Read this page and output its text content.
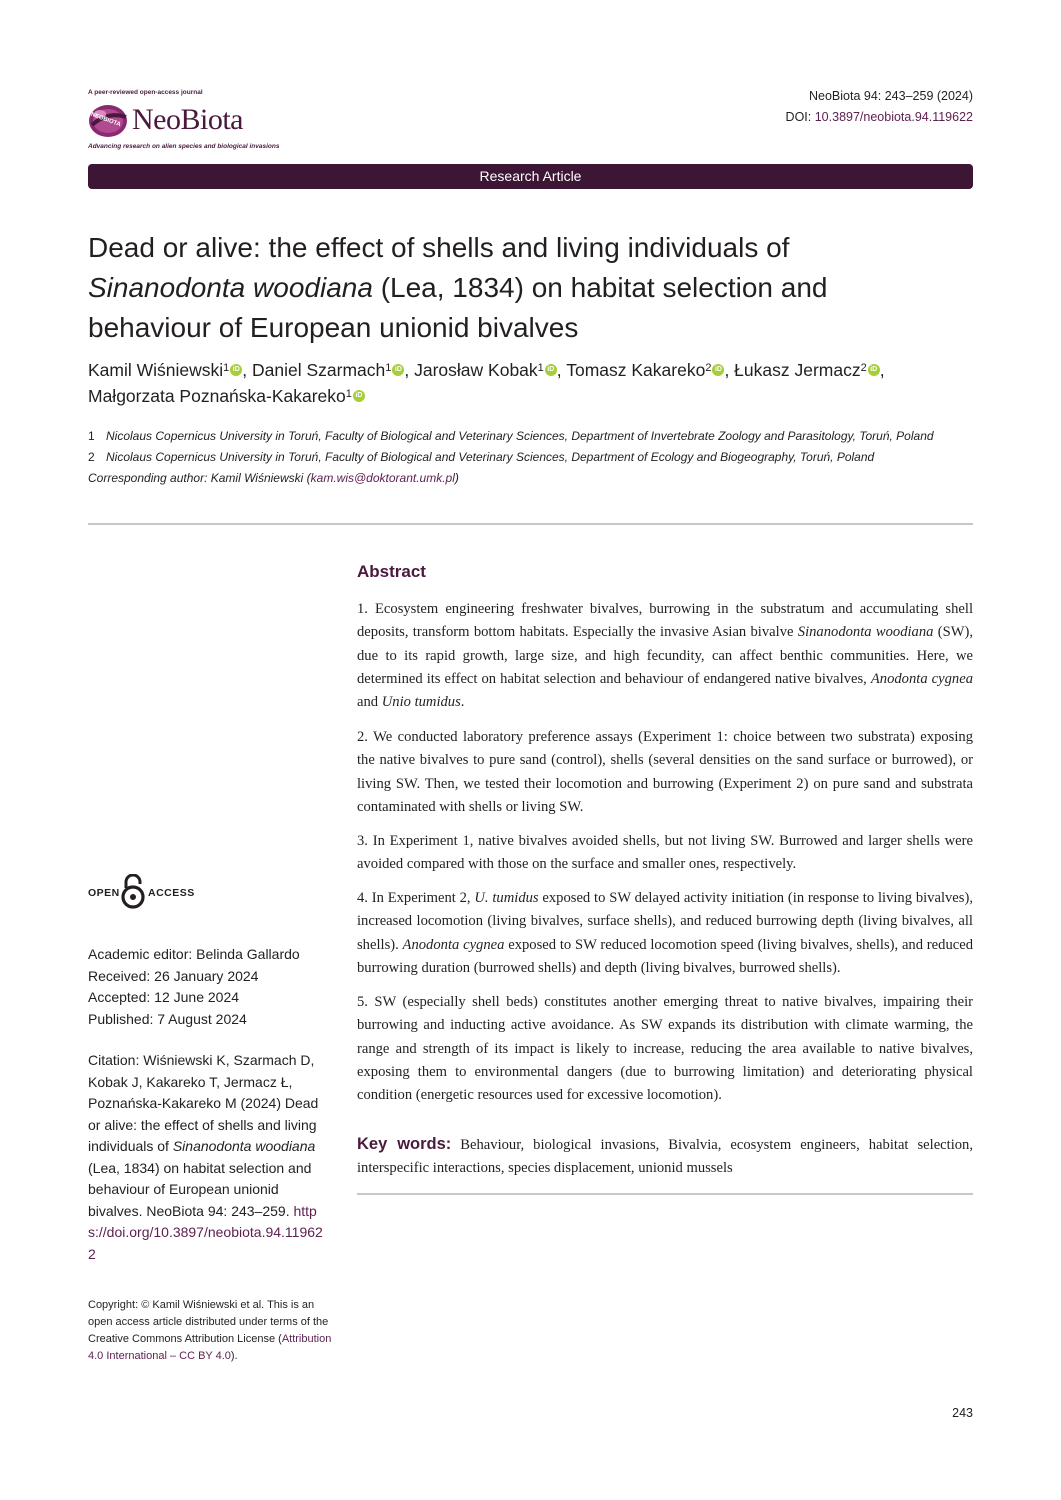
A peer-reviewed open-access journal
NEOBIOTA NeoBiota
Advancing research on alien species and biological invasions
NeoBiota 94: 243–259 (2024)
DOI: 10.3897/neobiota.94.119622
Research Article
Dead or alive: the effect of shells and living individuals of
Sinanodonta woodiana (Lea, 1834) on habitat selection and
behaviour of European unionid bivalves
Kamil Wiśniewski$^1$ iD , Daniel Szarmach$^1$ iD , Jarosław Kobak$^1$ iD , Tomasz Kakareko$^2$ iD , Łukasz Jermacz$^2$ iD ,
Małgorzata Poznańska-Kakareko$^1$ iD
1 Nicolaus Copernicus University in Toruń, Faculty of Biological and Veterinary Sciences, Department of Invertebrate Zoology and Parasitology, Toruń, Poland
2 Nicolaus Copernicus University in Toruń, Faculty of Biological and Veterinary Sciences, Department of Ecology and Biogeography, Toruń, Poland
Corresponding author: Kamil Wiśniewski (kam.wis@doktorant.umk.pl)
Abstract
1. Ecosystem engineering freshwater bivalves, burrowing in the substratum and accumulating shell deposits, transform bottom habitats. Especially the invasive Asian bivalve Sinanodonta woodiana (SW), due to its rapid growth, large size, and high fecundity, can affect benthic communities. Here, we determined its effect on habitat selection and behaviour of endangered native bivalves, Anodonta cygnea and Unio tumidus.
2. We conducted laboratory preference assays (Experiment 1: choice between two substrata) exposing the native bivalves to pure sand (control), shells (several densities on the sand surface or burrowed), or living SW. Then, we tested their locomotion and burrowing (Experiment 2) on pure sand and substrata contaminated with shells or living SW.
3. In Experiment 1, native bivalves avoided shells, but not living SW. Burrowed and larger shells were avoided compared with those on the surface and smaller ones, respectively.
4. In Experiment 2, U. tumidus exposed to SW delayed activity initiation (in response to living bivalves), increased locomotion (living bivalves, surface shells), and reduced burrowing depth (living bivalves, all shells). Anodonta cygnea exposed to SW reduced locomotion speed (living bivalves, shells), and reduced burrowing duration (burrowed shells) and depth (living bivalves, burrowed shells).
5. SW (especially shell beds) constitutes another emerging threat to native bivalves, impairing their burrowing and inducting active avoidance. As SW expands its distribution with climate warming, the range and strength of its impact is likely to increase, reducing the area available to native bivalves, exposing them to environmental dangers (due to burrowing limitation) and deteriorating physical condition (energetic resources used for excessive locomotion).
Key words: Behaviour, biological invasions, Bivalvia, ecosystem engineers, habitat selection, interspecific interactions, species displacement, unionid mussels
OPEN	ACCESS
Academic editor: Belinda Gallardo
Received: 26 January 2024
Accepted: 12 June 2024
Published: 7 August 2024
Citation: Wiśniewski K, Szarmach D, Kobak J, Kakareko T, Jermacz Ł, Poznańska-Kakareko M (2024) Dead or alive: the effect of shells and living individuals of Sinanodonta woodiana (Lea, 1834) on habitat selection and behaviour of European unionid bivalves. NeoBiota 94: 243–259. https://doi.org/10.3897/neobiota.94.119622
Copyright: © Kamil Wiśniewski et al. This is an open access article distributed under terms of the Creative Commons Attribution License (Attribution 4.0 International – CC BY 4.0).
243
